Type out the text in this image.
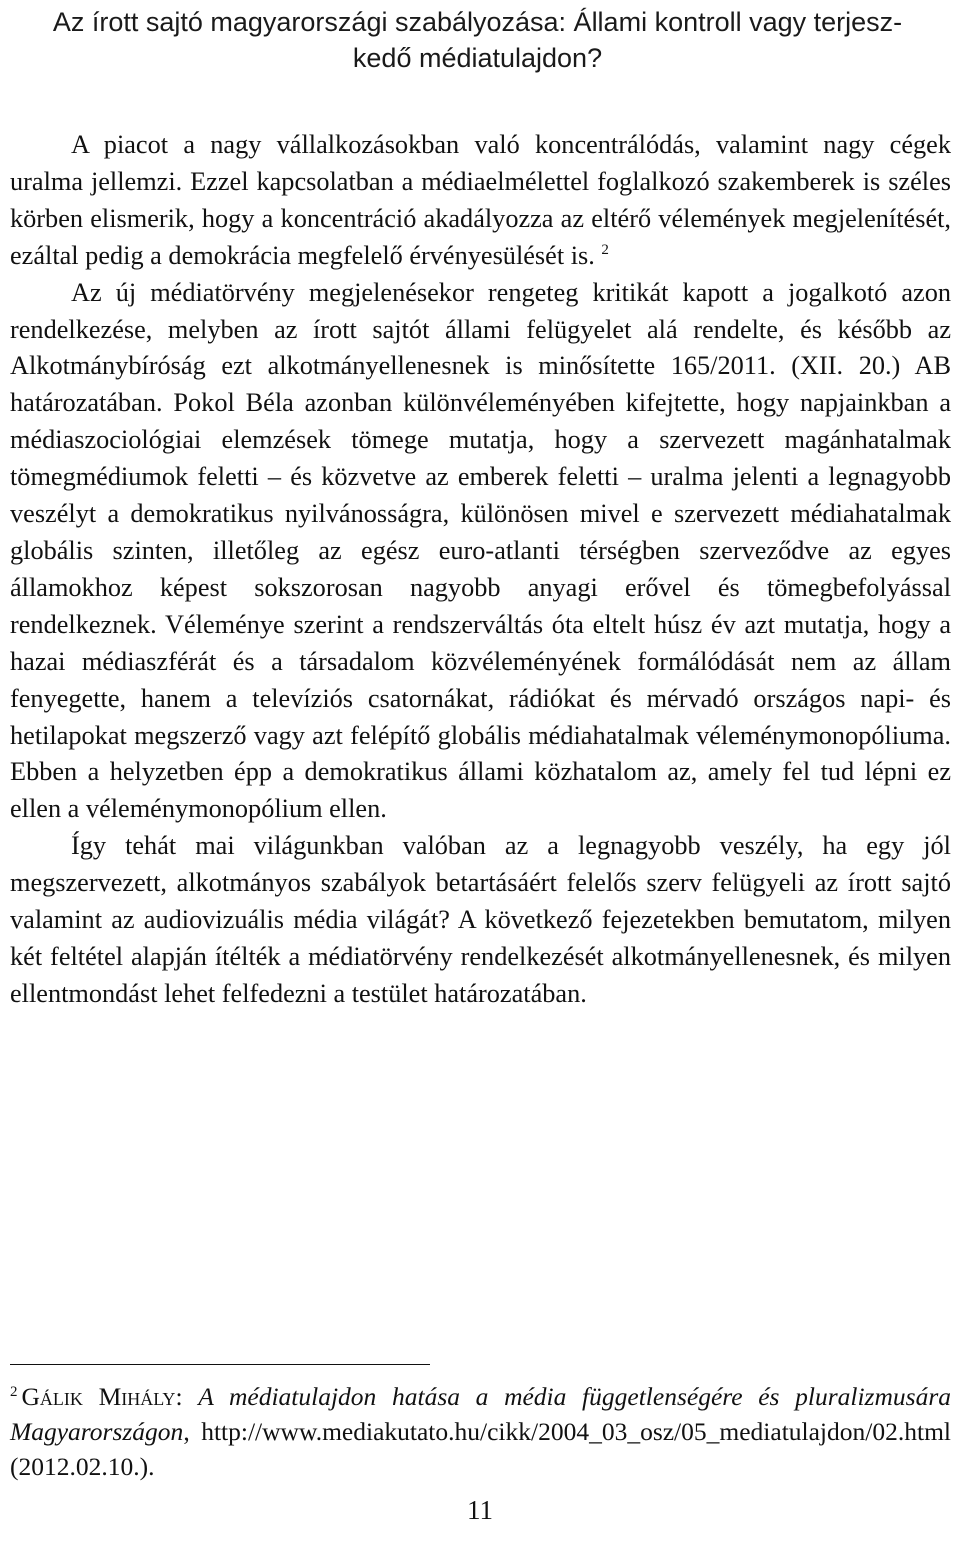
Az írott sajtó magyarországi szabályozása: Állami kontroll vagy terjesz-
kedő médiatulajdon?

A piacot a nagy vállalkozásokban való koncentrálódás, valamint nagy cégek uralma jellemzi. Ezzel kapcsolatban a médiaelmélettel foglalkozó szakemberek is széles körben elismerik, hogy a koncentráció akadályozza az eltérő vélemények megjelenítését, ezáltal pedig a demokrácia megfelelő érvényesülését is. $^2$

Az új médiatörvény megjelenésekor rengeteg kritikát kapott a jogalkotó azon rendelkezése, melyben az írott sajtót állami felügyelet alá rendelte, és később az Alkotmánybíróság ezt alkotmányellenesnek is minősítette 165/2011. (XII. 20.) AB határozatában. Pokol Béla azonban különvéleményében kifejtette, hogy napjainkban a médiaszociológiai elemzések tömege mutatja, hogy a szervezett magánhatalmak tömegmédiumok feletti – és közvetve az emberek feletti – uralma jelenti a legnagyobb veszélyt a demokratikus nyilvánosságra, különösen mivel e szervezett médiahatalmak globális szinten, illetőleg az egész euro-atlanti térségben szerveződve az egyes államokhoz képest sokszorosan nagyobb anyagi erővel és tömegbefolyással rendelkeznek. Véleménye szerint a rendszerváltás óta eltelt húsz év azt mutatja, hogy a hazai médiaszférát és a társadalom közvéleményének formálódását nem az állam fenyegette, hanem a televíziós csatornákat, rádiókat és mérvadó országos napi- és hetilapokat megszerző vagy azt felépítő globális médiahatalmak véleménymonopóliuma. Ebben a helyzetben épp a demokratikus állami közhatalom az, amely fel tud lépni ez ellen a véleménymonopólium ellen.

Így tehát mai világunkban valóban az a legnagyobb veszély, ha egy jól megszervezett, alkotmányos szabályok betartásáért felelős szerv felügyeli az írott sajtó valamint az audiovizuális média világát? A következő fejezetekben bemutatom, milyen két feltétel alapján ítélték a médiatörvény rendelkezését alkotmányellenesnek, és milyen ellentmondást lehet felfedezni a testület határozatában.

$^2$ Gálik Mihály: A médiatulajdon hatása a média függetlenségére és pluralizmusára Magyarországon, http://www.mediakutato.hu/cikk/2004_03_osz/05_mediatulajdon/02.html (2012.02.10.).
11
